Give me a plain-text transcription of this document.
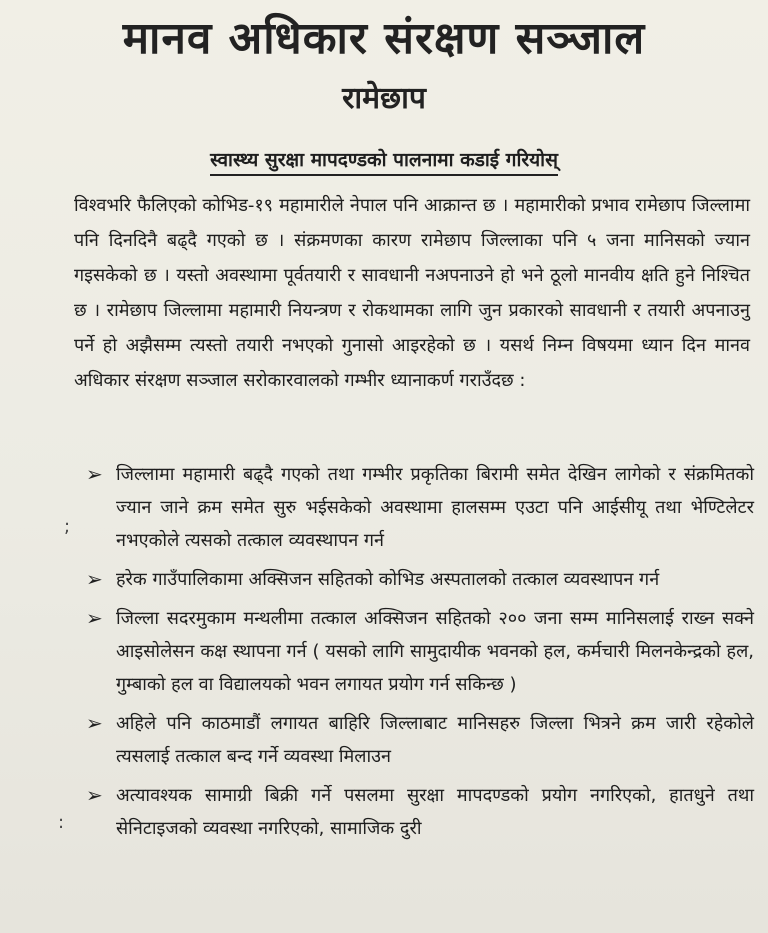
मानव अधिकार संरक्षण सञ्जाल
रामेछाप
स्वास्थ्य सुरक्षा मापदण्डको पालनामा कडाई गरियोस्

विश्वभरि फैलिएको कोभिड-१९ महामारीले नेपाल पनि आक्रान्त छ । महामारीको प्रभाव रामेछाप जिल्लामा पनि दिनदिनै बढ्दै गएको छ । संक्रमणका कारण रामेछाप जिल्लाका पनि ५ जना मानिसको ज्यान गइसकेको छ । यस्तो अवस्थामा पूर्वतयारी र सावधानी नअपनाउने हो भने ठूलो मानवीय क्षति हुने निश्चित छ । रामेछाप जिल्लामा महामारी नियन्त्रण र रोकथामका लागि जुन प्रकारको सावधानी र तयारी अपनाउनु पर्ने हो अझैसम्म त्यस्तो तयारी नभएको गुनासो आइरहेको छ । यसर्थ निम्न विषयमा ध्यान दिन मानव अधिकार संरक्षण सञ्जाल सरोकारवालको गम्भीर ध्यानाकर्ण गराउँदछ :

;
:
➢ जिल्लामा महामारी बढ्दै गएको तथा गम्भीर प्रकृतिका बिरामी समेत देखिन लागेको र संक्रमितको ज्यान जाने क्रम समेत सुरु भईसकेको अवस्थामा हालसम्म एउटा पनि आईसीयू तथा भेण्टिलेटर नभएकोले त्यसको तत्काल व्यवस्थापन गर्न
➢ हरेक गाउँपालिकामा अक्सिजन सहितको कोभिड अस्पतालको तत्काल व्यवस्थापन गर्न
➢ जिल्ला सदरमुकाम मन्थलीमा तत्काल अक्सिजन सहितको २०० जना सम्म मानिसलाई राख्न सक्ने आइसोलेसन कक्ष स्थापना गर्न ( यसको लागि सामुदायीक भवनको हल, कर्मचारी मिलनकेन्द्रको हल, गुम्बाको हल वा विद्यालयको भवन लगायत प्रयोग गर्न सकिन्छ )
➢ अहिले पनि काठमाडौं लगायत बाहिरि जिल्लाबाट मानिसहरु जिल्ला भित्रने क्रम जारी रहेकोले त्यसलाई तत्काल बन्द गर्ने व्यवस्था मिलाउन
➢ अत्यावश्यक सामाग्री बिक्री गर्ने पसलमा सुरक्षा मापदण्डको प्रयोग नगरिएको, हातधुने तथा सेनिटाइजको व्यवस्था नगरिएको, सामाजिक दुरी
